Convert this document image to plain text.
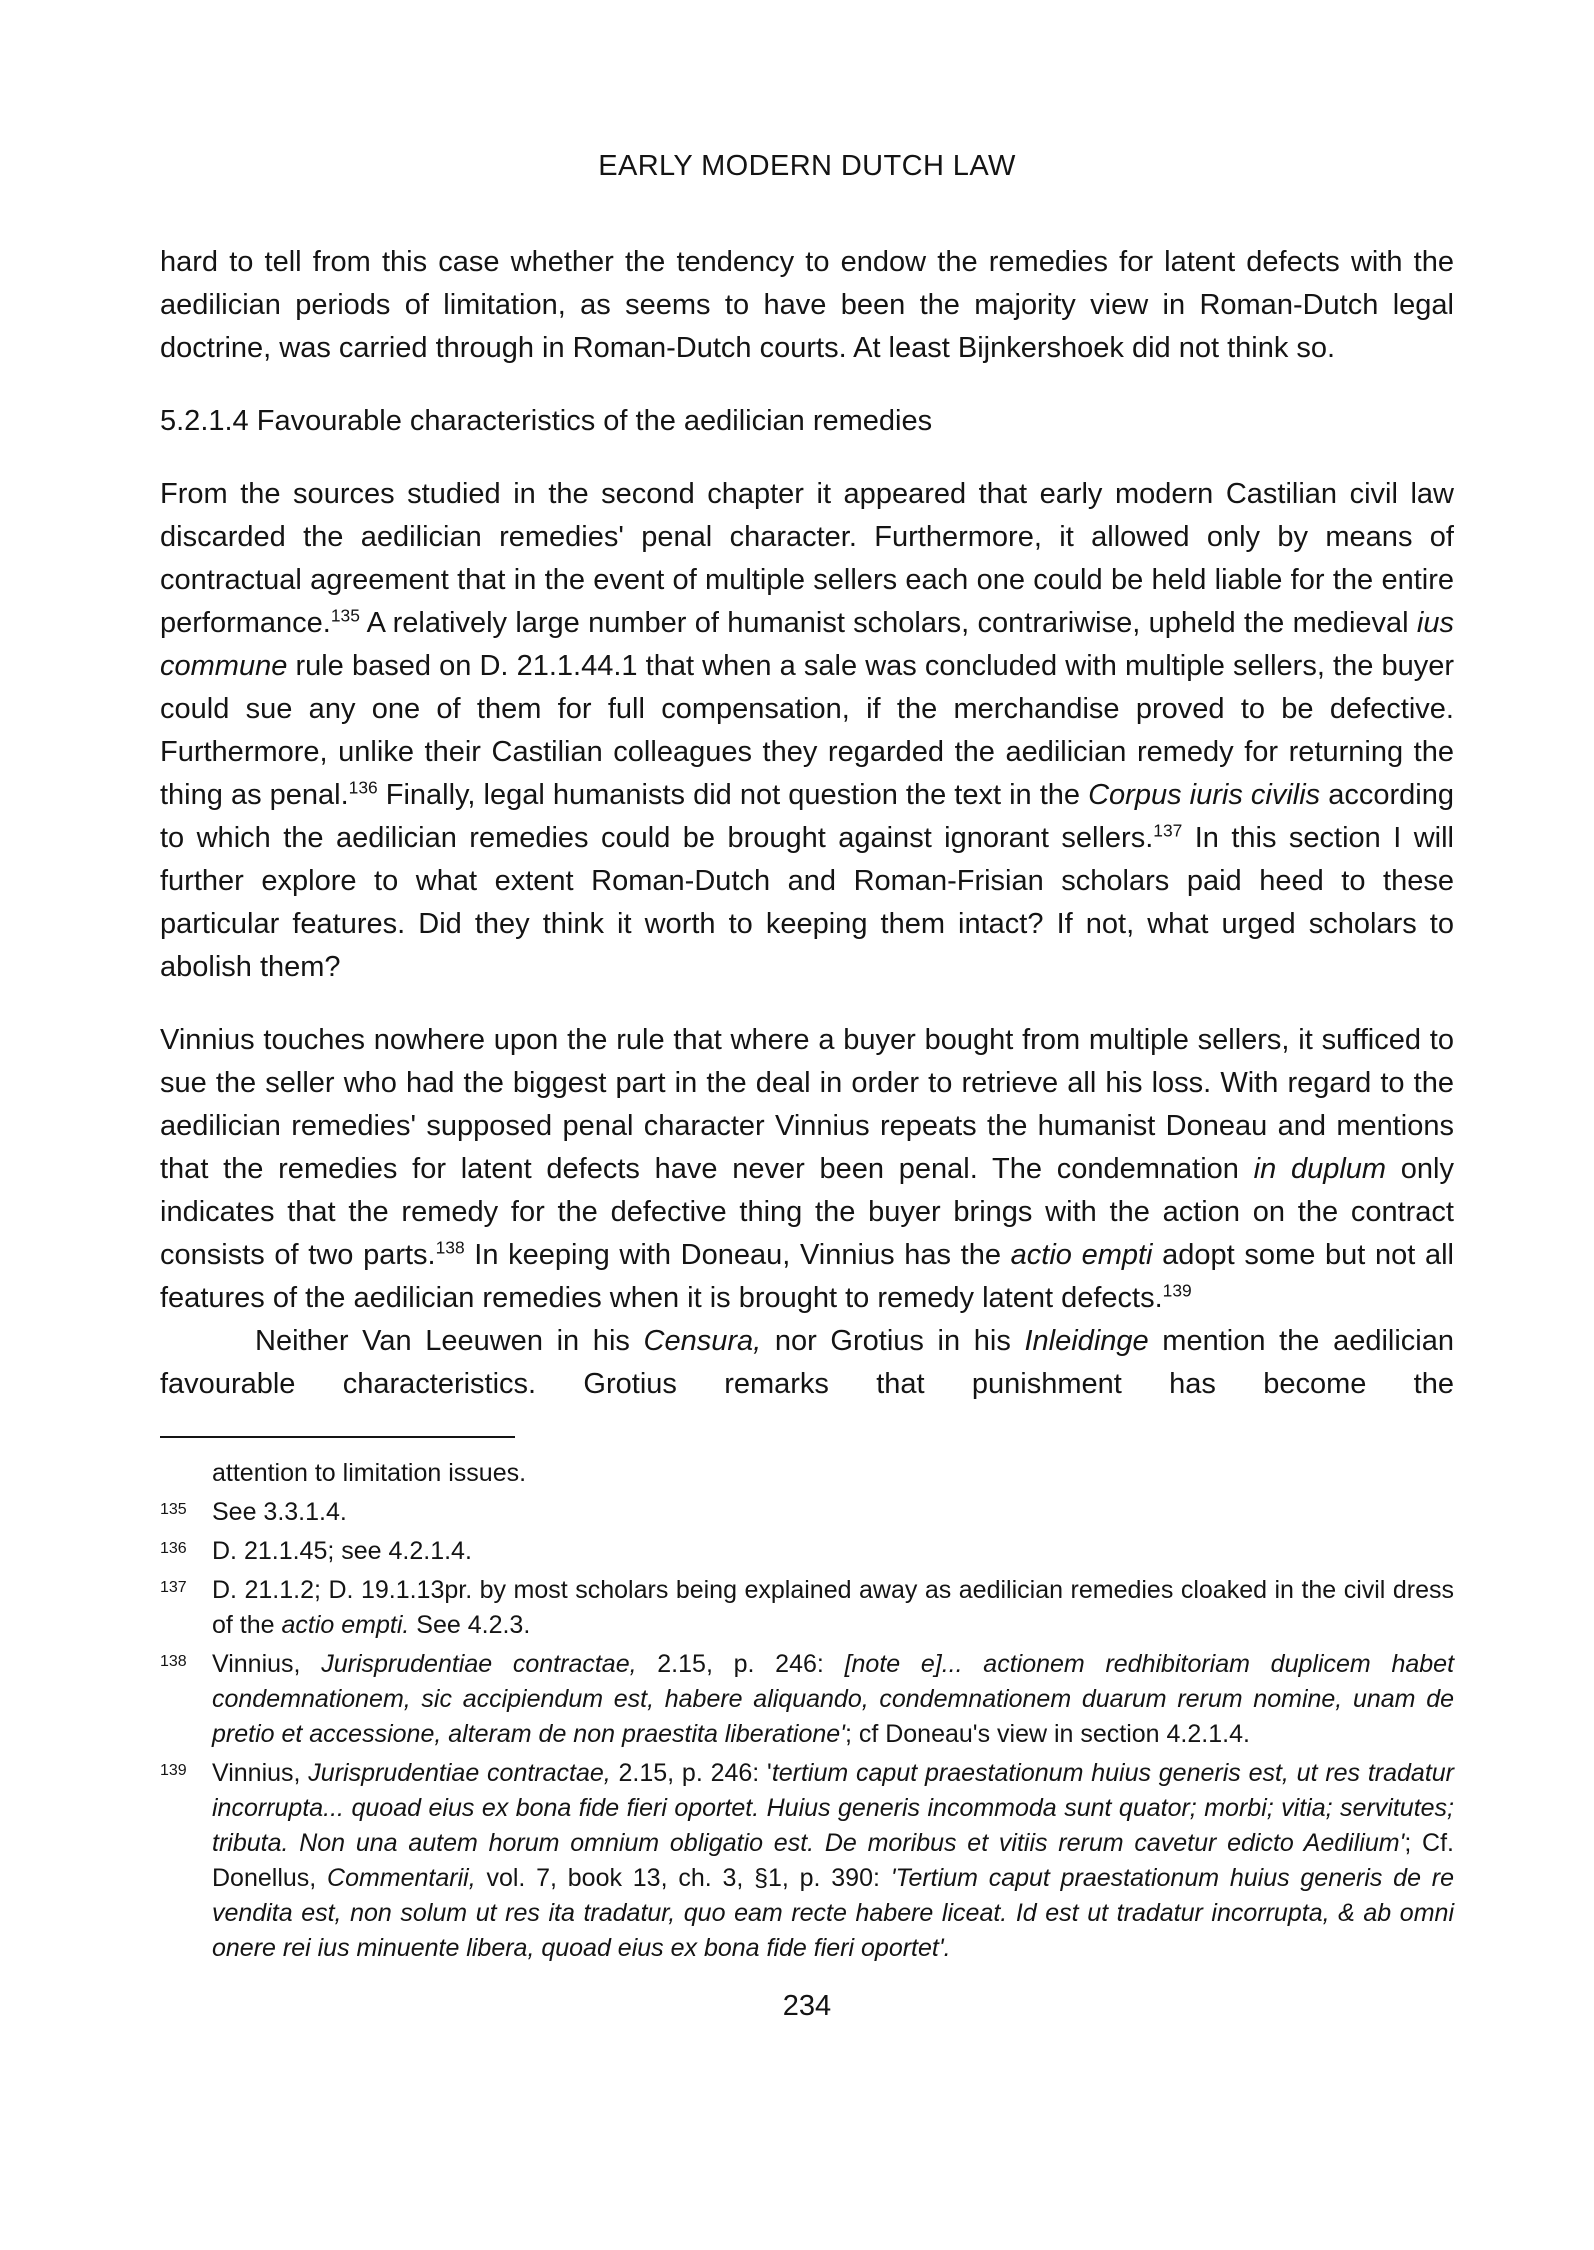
EARLY MODERN DUTCH LAW

hard to tell from this case whether the tendency to endow the remedies for latent defects with the aedilician periods of limitation, as seems to have been the majority view in Roman-Dutch legal doctrine, was carried through in Roman-Dutch courts. At least Bijnkershoek did not think so.

5.2.1.4 Favourable characteristics of the aedilician remedies

From the sources studied in the second chapter it appeared that early modern Castilian civil law discarded the aedilician remedies' penal character. Furthermore, it allowed only by means of contractual agreement that in the event of multiple sellers each one could be held liable for the entire performance.$^{135}$ A relatively large number of humanist scholars, contrariwise, upheld the medieval ius commune rule based on D. 21.1.44.1 that when a sale was concluded with multiple sellers, the buyer could sue any one of them for full compensation, if the merchandise proved to be defective. Furthermore, unlike their Castilian colleagues they regarded the aedilician remedy for returning the thing as penal.$^{136}$ Finally, legal humanists did not question the text in the Corpus iuris civilis according to which the aedilician remedies could be brought against ignorant sellers.$^{137}$ In this section I will further explore to what extent Roman-Dutch and Roman-Frisian scholars paid heed to these particular features. Did they think it worth to keeping them intact? If not, what urged scholars to abolish them?

Vinnius touches nowhere upon the rule that where a buyer bought from multiple sellers, it sufficed to sue the seller who had the biggest part in the deal in order to retrieve all his loss. With regard to the aedilician remedies' supposed penal character Vinnius repeats the humanist Doneau and mentions that the remedies for latent defects have never been penal. The condemnation in duplum only indicates that the remedy for the defective thing the buyer brings with the action on the contract consists of two parts.$^{138}$ In keeping with Doneau, Vinnius has the actio empti adopt some but not all features of the aedilician remedies when it is brought to remedy latent defects.$^{139}$

Neither Van Leeuwen in his Censura, nor Grotius in his Inleidinge mention the aedilician favourable characteristics. Grotius remarks that punishment has become the

attention to limitation issues.
135 See 3.3.1.4.
136 D. 21.1.45; see 4.2.1.4.
137 D. 21.1.2; D. 19.1.13pr. by most scholars being explained away as aedilician remedies cloaked in the civil dress of the actio empti. See 4.2.3.
138 Vinnius, Jurisprudentiae contractae, 2.15, p. 246: [note e]... actionem redhibitoriam duplicem habet condemnationem, sic accipiendum est, habere aliquando, condemnationem duarum rerum nomine, unam de pretio et accessione, alteram de non praestita liberatione'; cf Doneau's view in section 4.2.1.4.
139 Vinnius, Jurisprudentiae contractae, 2.15, p. 246: 'tertium caput praestationum huius generis est, ut res tradatur incorrupta... quoad eius ex bona fide fieri oportet. Huius generis incommoda sunt quator; morbi; vitia; servitutes; tributa. Non una autem horum omnium obligatio est. De moribus et vitiis rerum cavetur edicto Aedilium'; Cf. Donellus, Commentarii, vol. 7, book 13, ch. 3, §1, p. 390: 'Tertium caput praestationum huius generis de re vendita est, non solum ut res ita tradatur, quo eam recte habere liceat. Id est ut tradatur incorrupta, & ab omni onere rei ius minuente libera, quoad eius ex bona fide fieri oportet'.
234
